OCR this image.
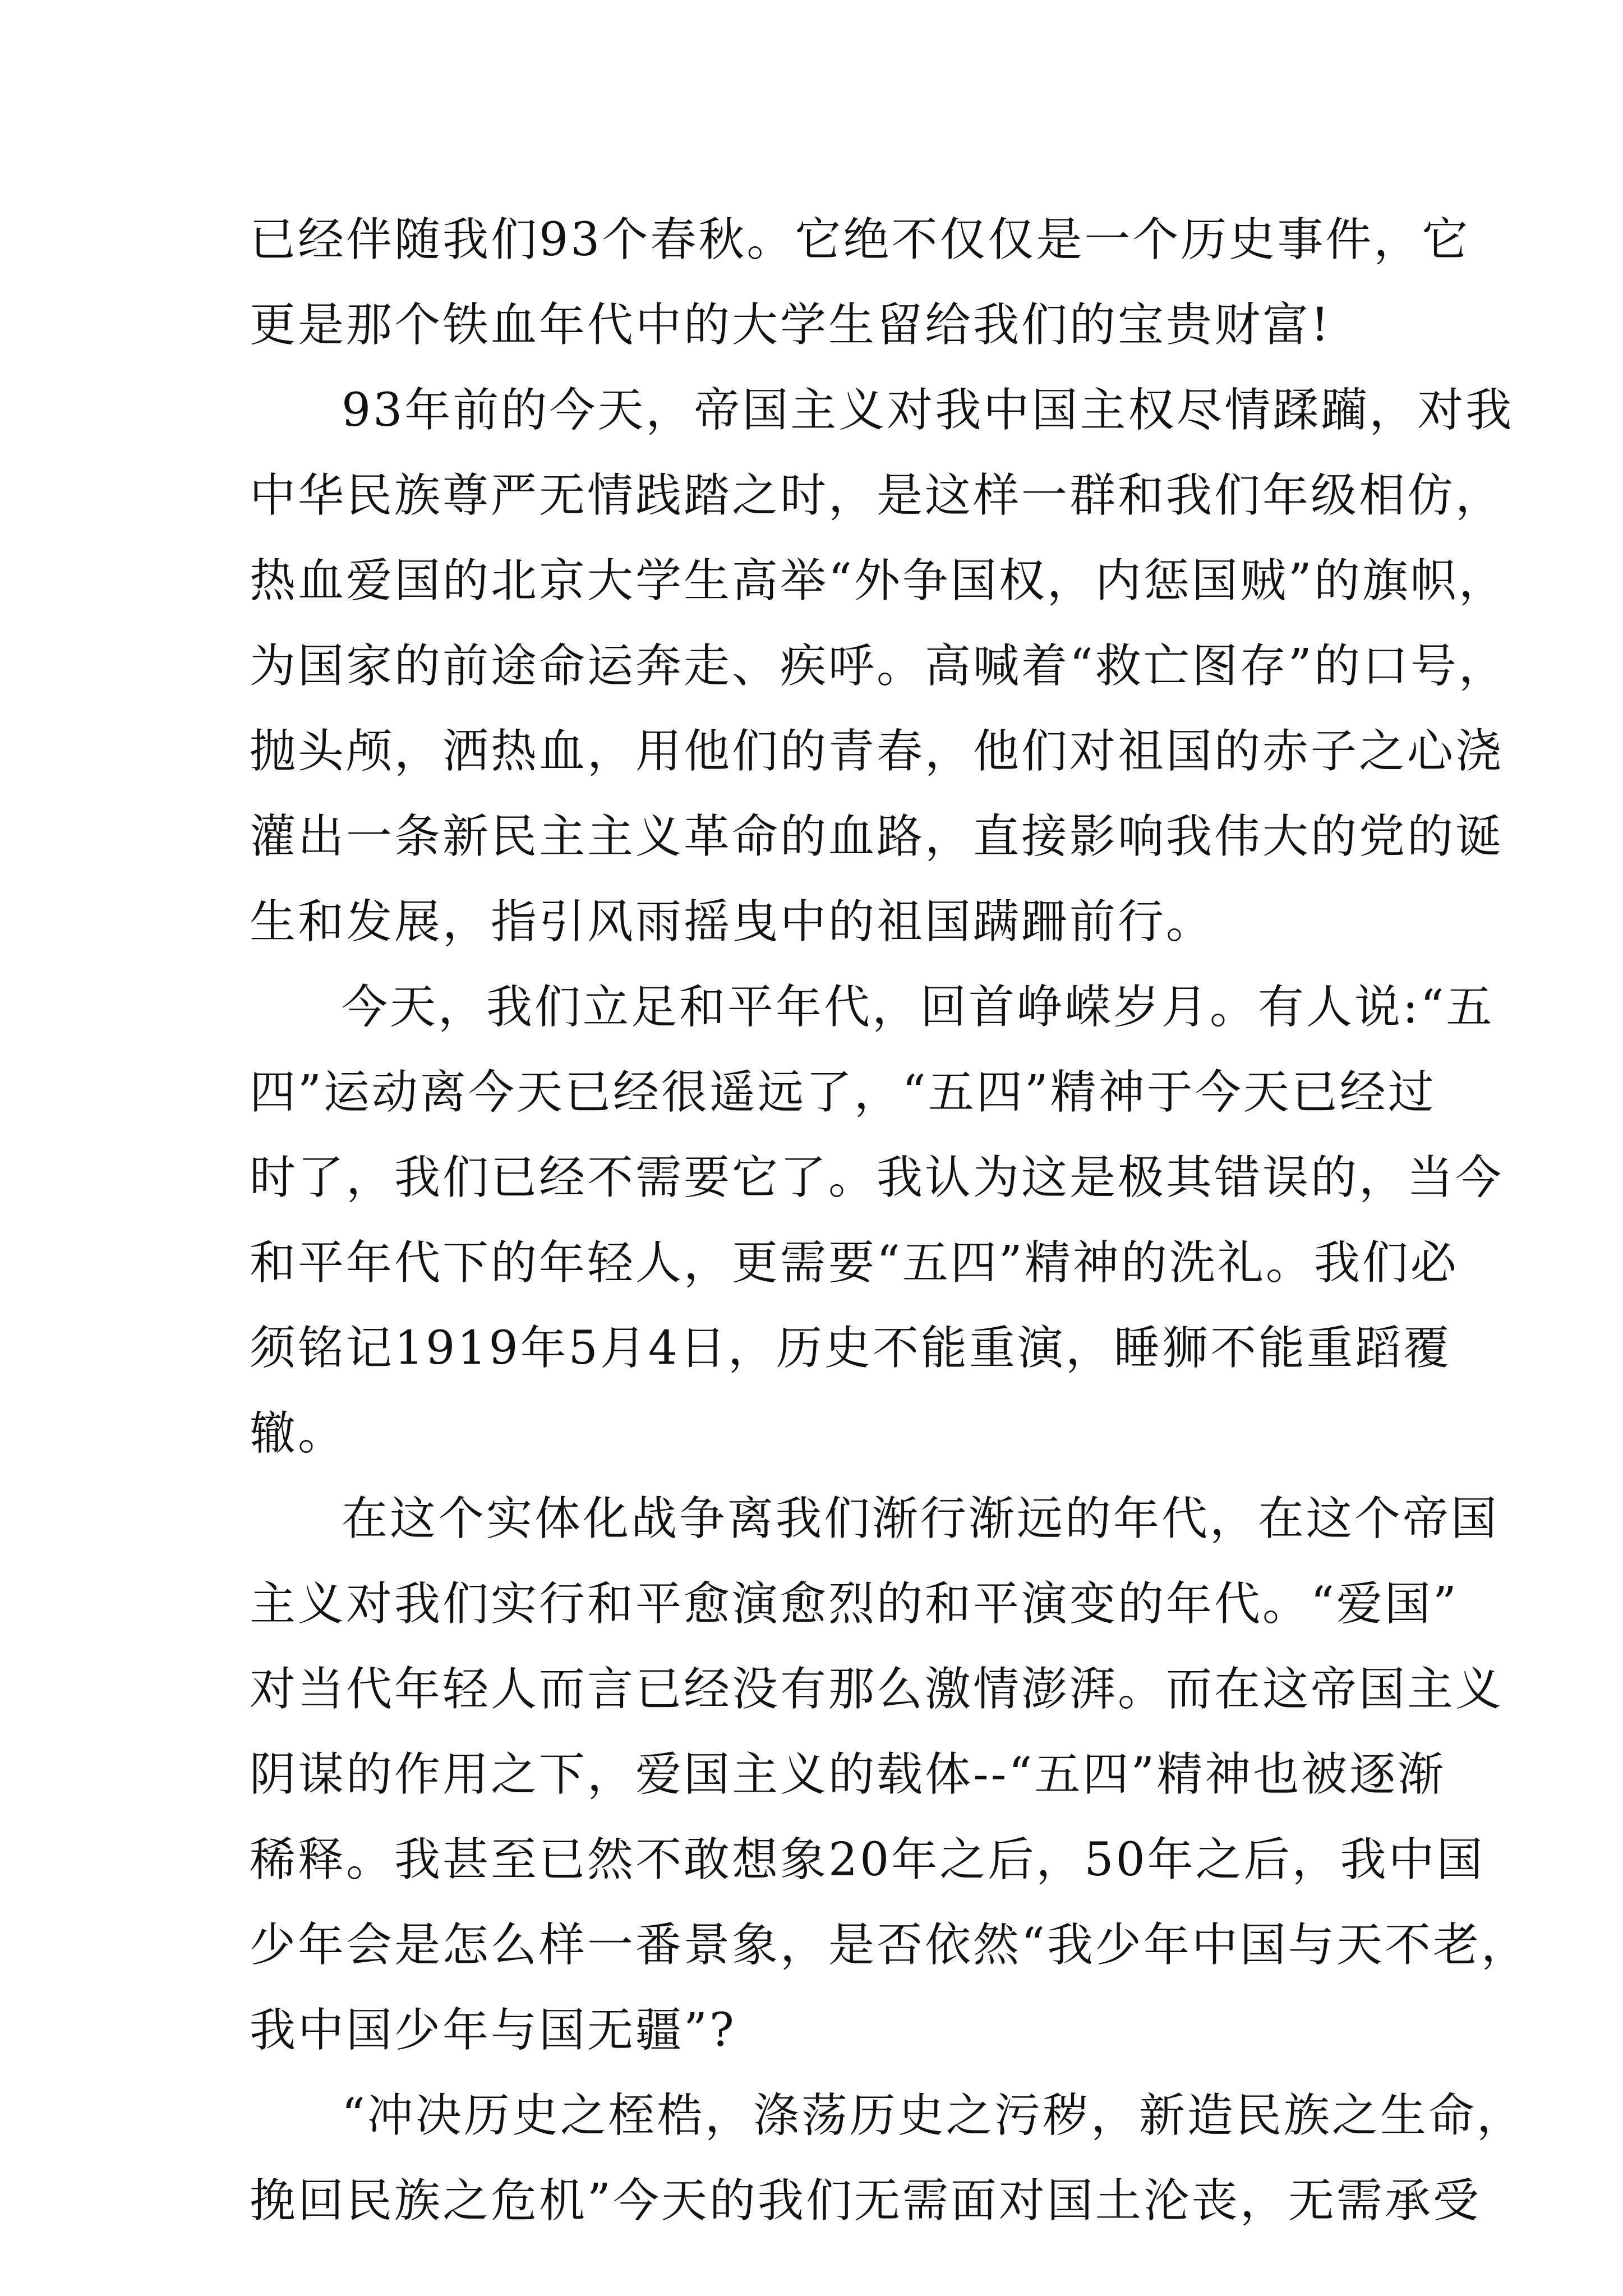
已经伴随我们93个春秋。它绝不仅仅是一个历史事件，它
更是那个铁血年代中的大学生留给我们的宝贵财富!
93年前的今天，帝国主义对我中国主权尽情蹂躏，对我
中华民族尊严无情践踏之时，是这样一群和我们年级相仿，
热血爱国的北京大学生高举“外争国权，内惩国贼”的旗帜，
为国家的前途命运奔走、疾呼。高喊着“救亡图存”的口号，
抛头颅，洒热血，用他们的青春，他们对祖国的赤子之心浇
灌出一条新民主主义革命的血路，直接影响我伟大的党的诞
生和发展，指引风雨摇曳中的祖国蹒跚前行。
今天，我们立足和平年代，回首峥嵘岁月。有人说:“五
四”运动离今天已经很遥远了，“五四”精神于今天已经过
时了，我们已经不需要它了。我认为这是极其错误的，当今
和平年代下的年轻人，更需要“五四”精神的洗礼。我们必
须铭记1919年5月4日，历史不能重演，睡狮不能重蹈覆
辙。
在这个实体化战争离我们渐行渐远的年代，在这个帝国
主义对我们实行和平愈演愈烈的和平演变的年代。“爱国”
对当代年轻人而言已经没有那么激情澎湃。而在这帝国主义
阴谋的作用之下，爱国主义的载体--“五四”精神也被逐渐
稀释。我甚至已然不敢想象20年之后，50年之后，我中国
少年会是怎么样一番景象，是否依然“我少年中国与天不老，
我中国少年与国无疆”?
“冲决历史之桎梏，涤荡历史之污秽，新造民族之生命，
挽回民族之危机”今天的我们无需面对国土沦丧，无需承受
